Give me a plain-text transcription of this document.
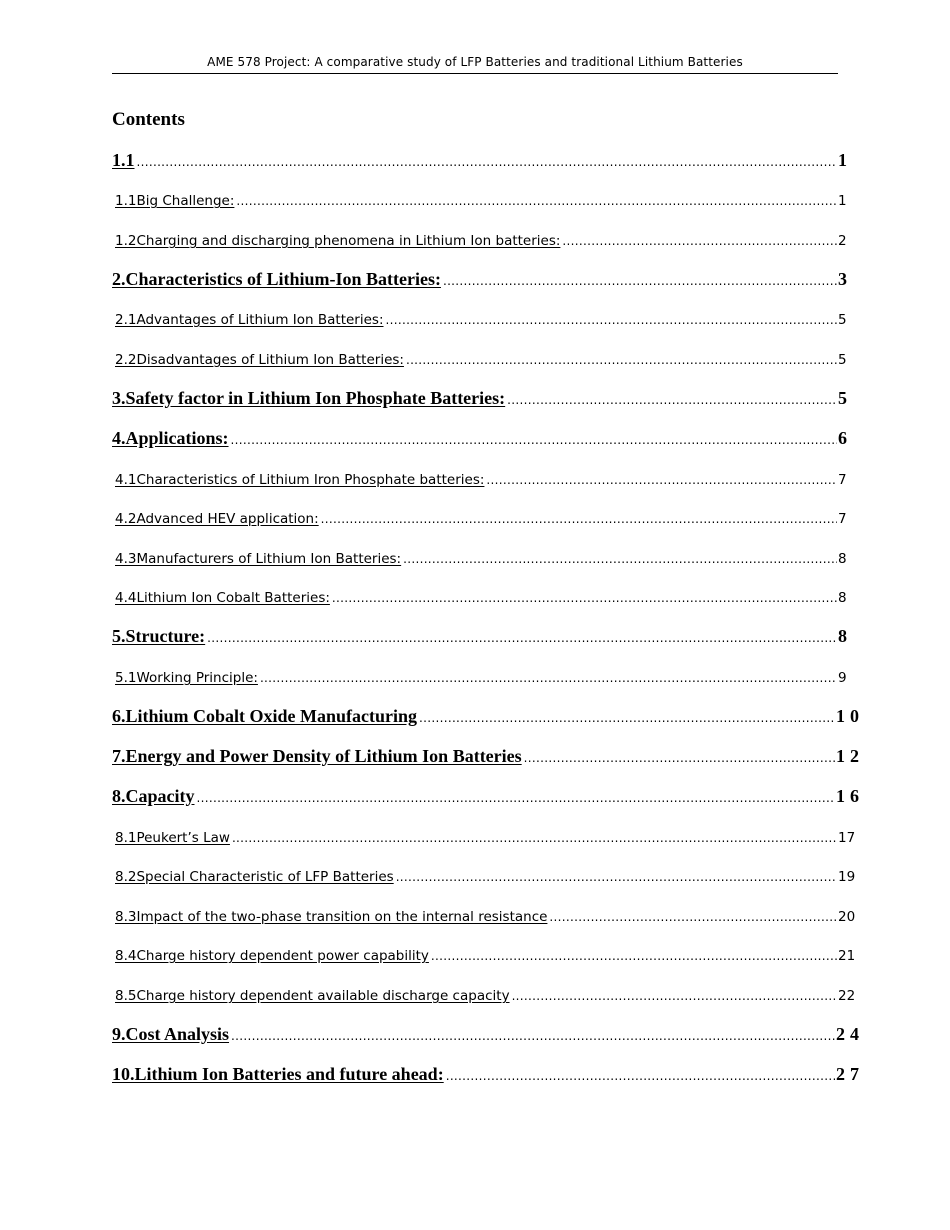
AME 578 Project: A comparative study of LFP Batteries and traditional Lithium Batteries
Contents
1.1 .....	1
1.1Big Challenge: .....	1
1.2Charging and discharging phenomena in Lithium Ion batteries: .....	2
2.Characteristics of Lithium-Ion Batteries: .....	3
2.1Advantages of Lithium Ion Batteries: .....	5
2.2Disadvantages of Lithium Ion Batteries: .....	5
3.Safety factor in Lithium Ion Phosphate Batteries: .....	5
4.Applications: .....	6
4.1Characteristics of Lithium Iron Phosphate batteries: .....	7
4.2Advanced HEV application: .....	7
4.3Manufacturers of Lithium Ion Batteries: .....	8
4.4Lithium Ion Cobalt Batteries: .....	8
5.Structure: .....	8
5.1Working Principle: .....	9
6.Lithium Cobalt Oxide Manufacturing .....	10
7.Energy and Power Density of Lithium Ion Batteries .....	12
8.Capacity .....	16
8.1Peukert’s Law .....	17
8.2Special Characteristic of LFP Batteries .....	19
8.3Impact of the two-phase transition on the internal resistance .....	20
8.4Charge history dependent power capability .....	21
8.5Charge history dependent available discharge capacity .....	22
9.Cost Analysis .....	24
10.Lithium Ion Batteries and future ahead: .....	27
